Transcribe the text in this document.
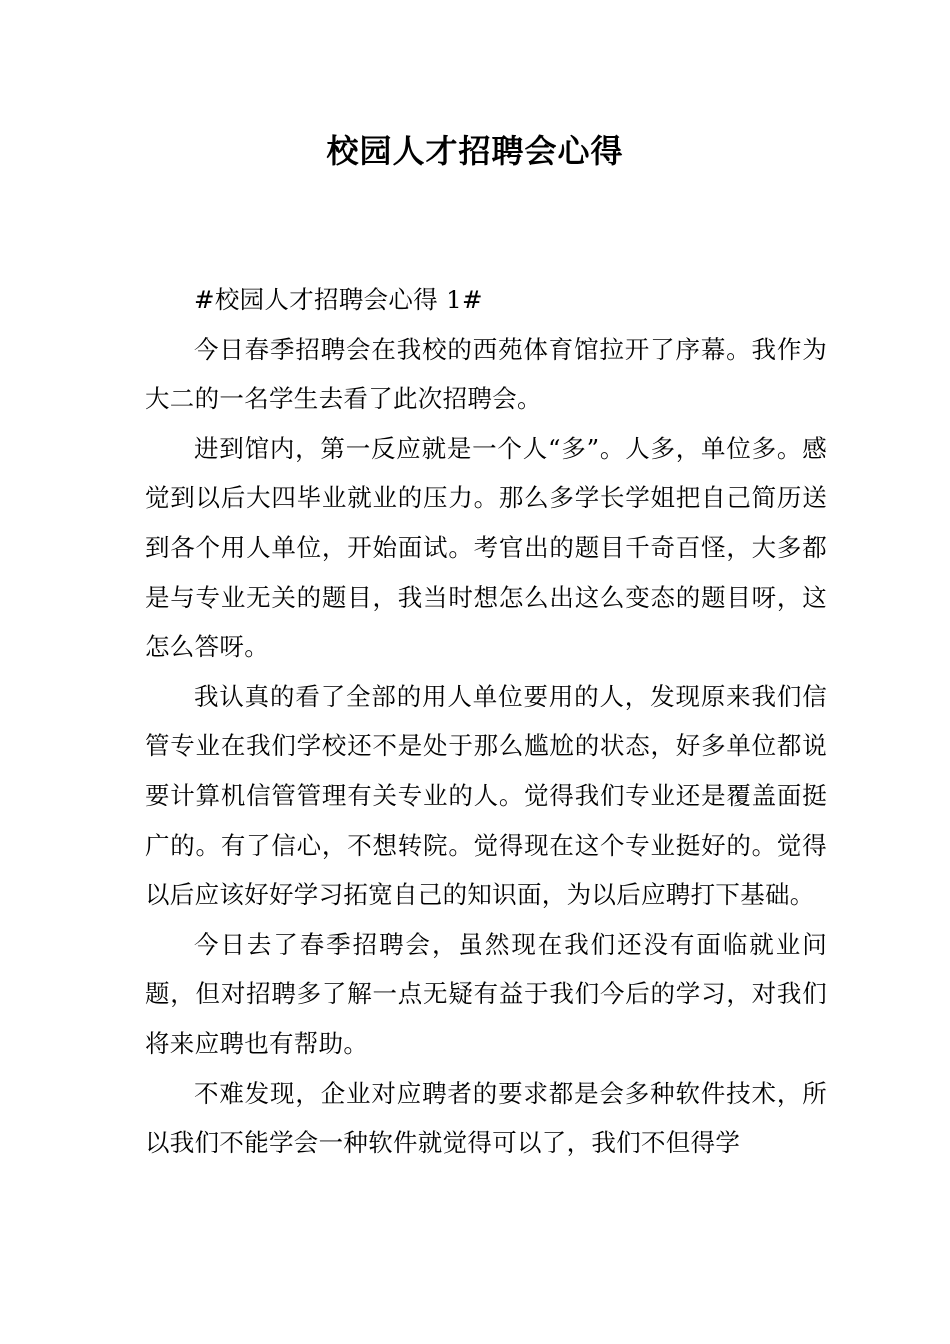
校园人才招聘会心得

#校园人才招聘会心得 1#

今日春季招聘会在我校的西苑体育馆拉开了序幕。我作为大二的一名学生去看了此次招聘会。

进到馆内，第一反应就是一个人“多”。人多，单位多。感觉到以后大四毕业就业的压力。那么多学长学姐把自己简历送到各个用人单位，开始面试。考官出的题目千奇百怪，大多都是与专业无关的题目，我当时想怎么出这么变态的题目呀，这怎么答呀。

我认真的看了全部的用人单位要用的人，发现原来我们信管专业在我们学校还不是处于那么尴尬的状态，好多单位都说要计算机信管管理有关专业的人。觉得我们专业还是覆盖面挺广的。有了信心，不想转院。觉得现在这个专业挺好的。觉得以后应该好好学习拓宽自己的知识面，为以后应聘打下基础。

今日去了春季招聘会，虽然现在我们还没有面临就业问题，但对招聘多了解一点无疑有益于我们今后的学习，对我们将来应聘也有帮助。

不难发现，企业对应聘者的要求都是会多种软件技术，所以我们不能学会一种软件就觉得可以了，我们不但得学
